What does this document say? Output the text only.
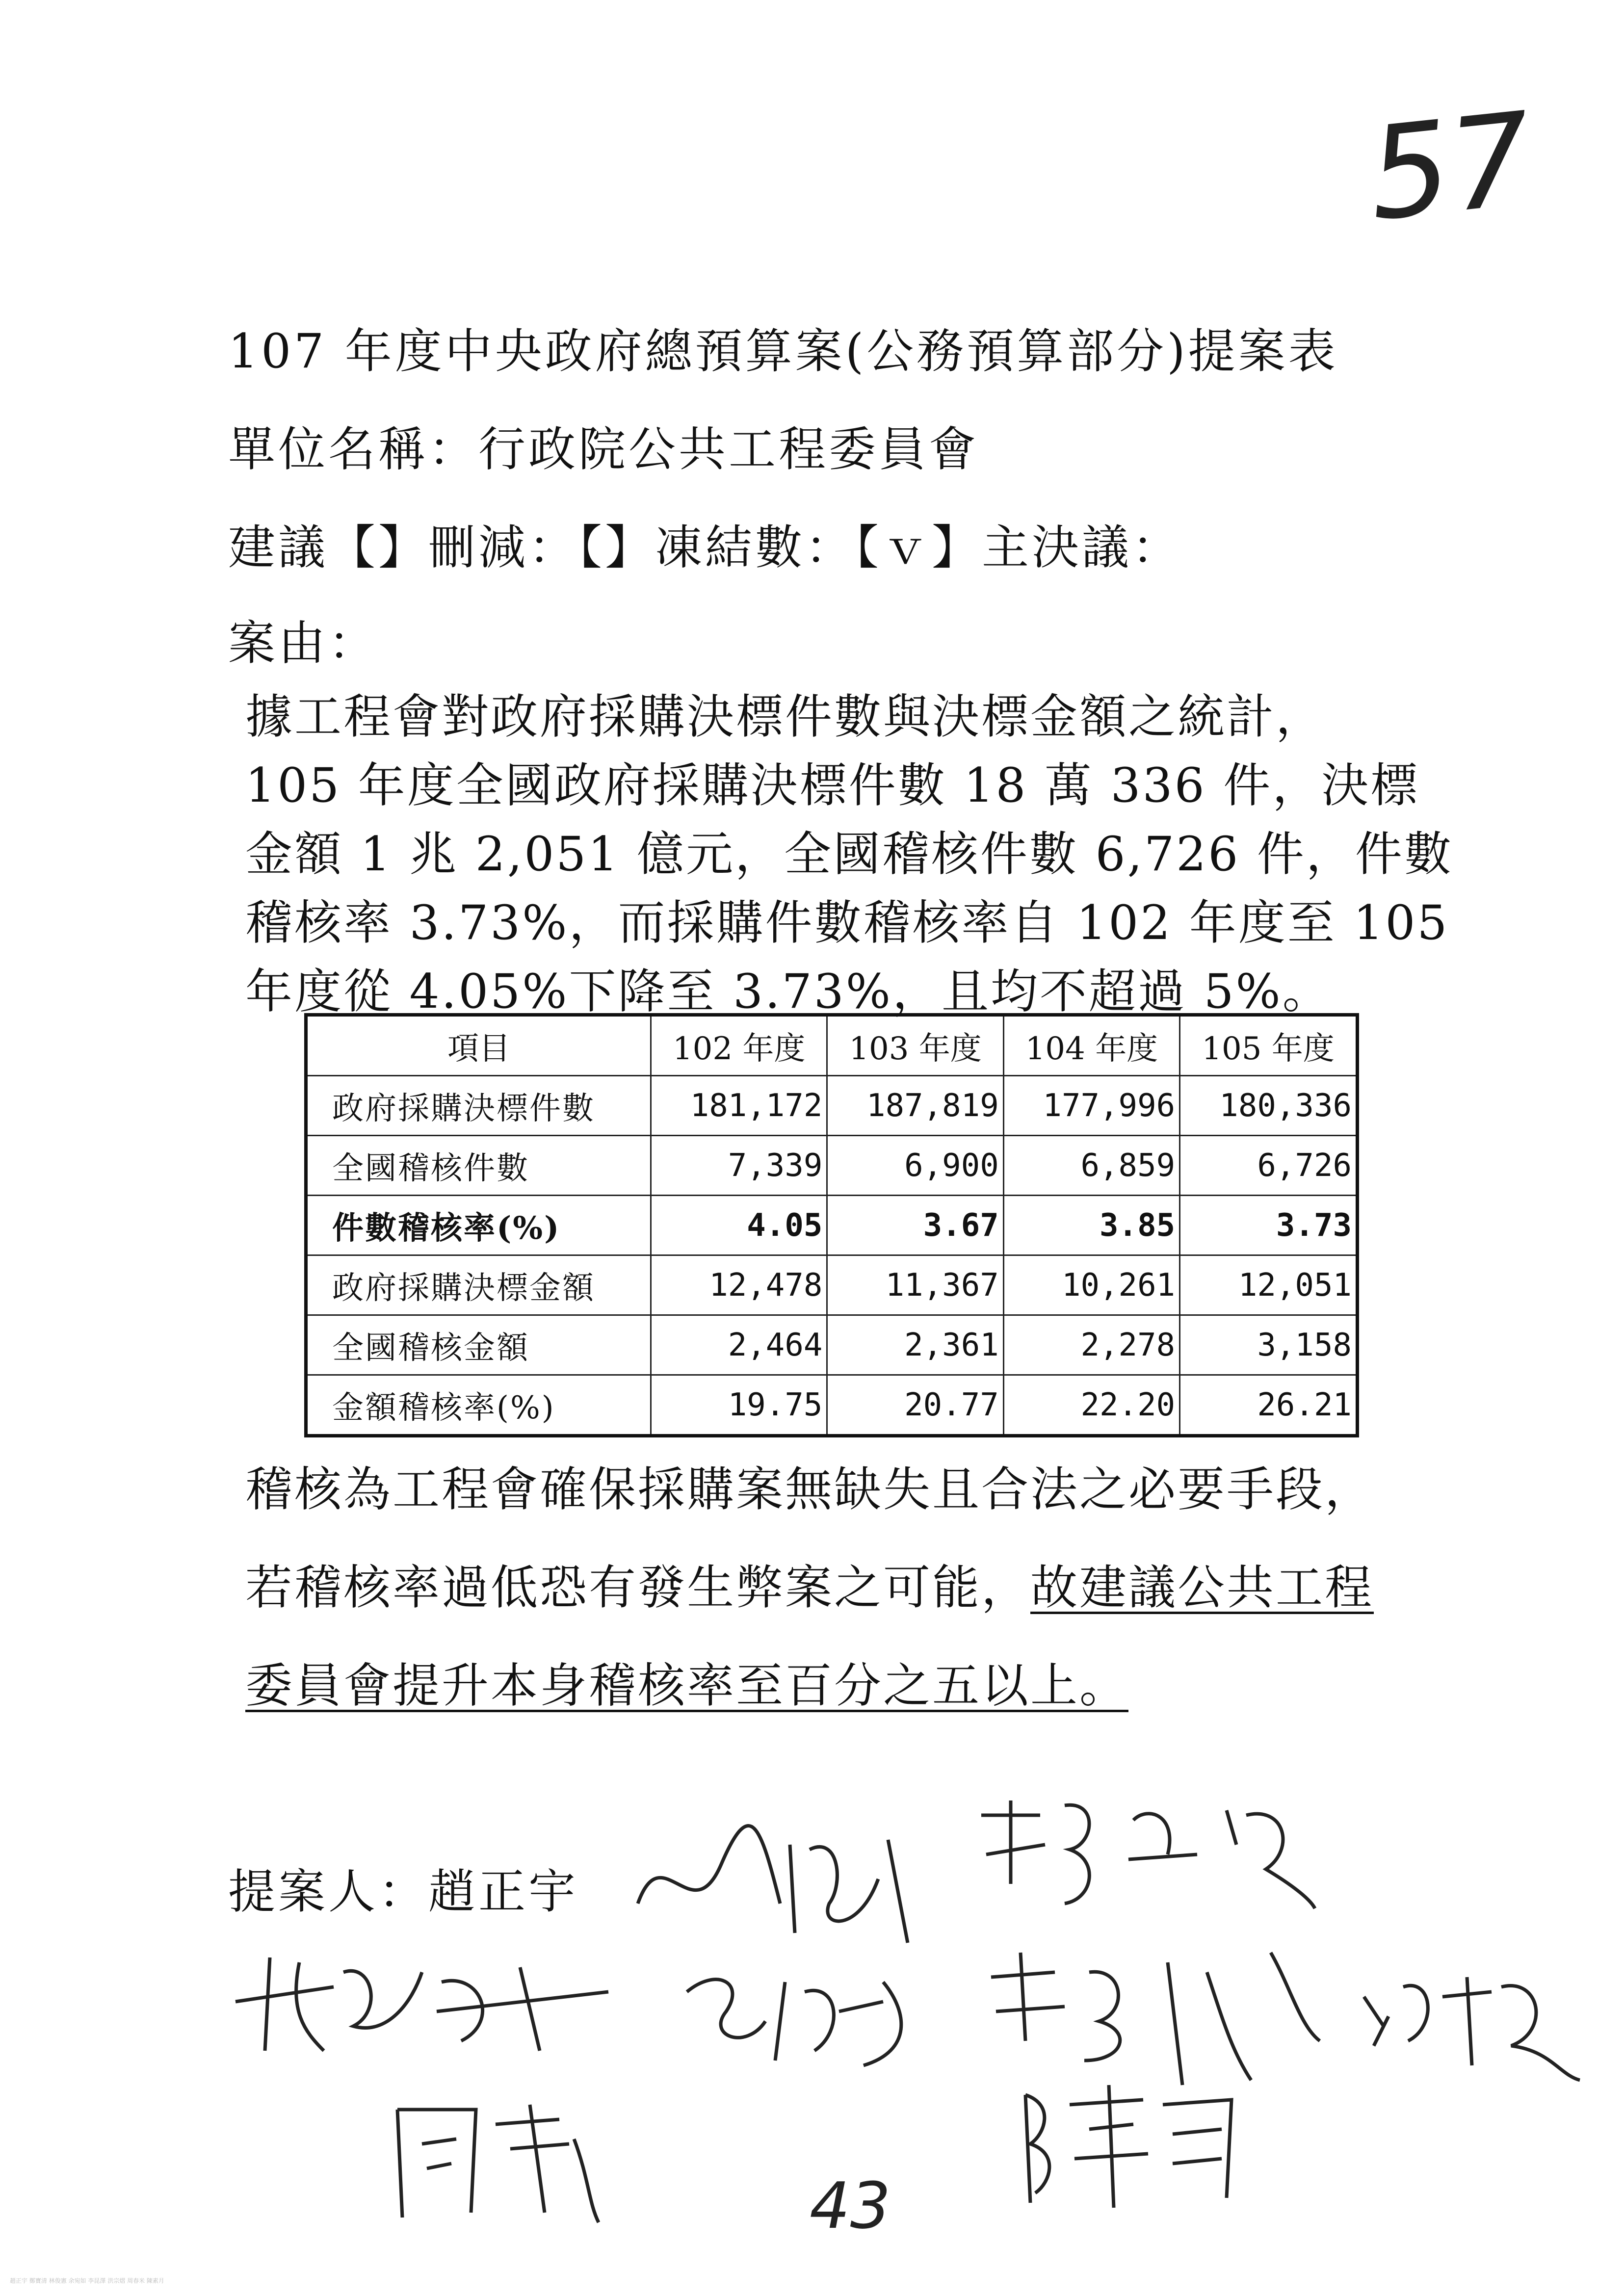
57
107 年度中央政府總預算案(公務預算部分)提案表
單位名稱：行政院公共工程委員會
建議【】刪減：【】凍結數：【ｖ】主決議：
案由：
據工程會對政府採購決標件數與決標金額之統計，
105 年度全國政府採購決標件數 18 萬 336 件，決標
金額 1 兆 2,051 億元，全國稽核件數 6,726 件，件數
稽核率 3.73%，而採購件數稽核率自 102 年度至 105
年度從 4.05%下降至 3.73%，且均不超過 5%。
項目	102 年度	103 年度	104 年度	105 年度
政府採購決標件數	181,172	187,819	177,996	180,336
全國稽核件數	7,339	6,900	6,859	6,726
件數稽核率(%)	4.05	3.67	3.85	3.73
政府採購決標金額	12,478	11,367	10,261	12,051
全國稽核金額	2,464	2,361	2,278	3,158
金額稽核率(%)	19.75	20.77	22.20	26.21
稽核為工程會確保採購案無缺失且合法之必要手段，
若稽核率過低恐有發生弊案之可能，故建議公共工程
委員會提升本身稽核率至百分之五以上。
提案人：趙正宇
趙正宇 鄭寶清 林俊憲 余宛如 李昆澤 洪宗熠 周春米 陳素月
43
